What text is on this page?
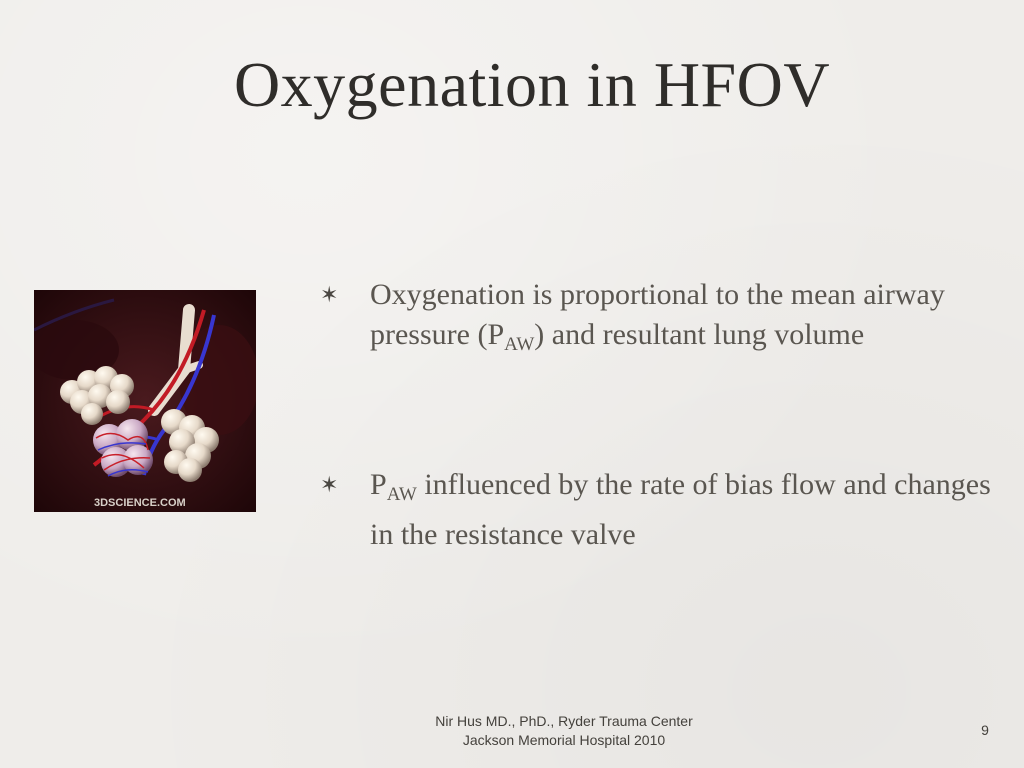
Oxygenation in HFOV
3DSCIENCE.COM
✶ Oxygenation is proportional to the mean airway pressure $(P_{AW})$ and resultant lung volume
✶ $P_{AW}$ influenced by the rate of bias flow and changes in the resistance valve
Nir Hus MD., PhD., Ryder Trauma Center
Jackson Memorial Hospital 2010
9
